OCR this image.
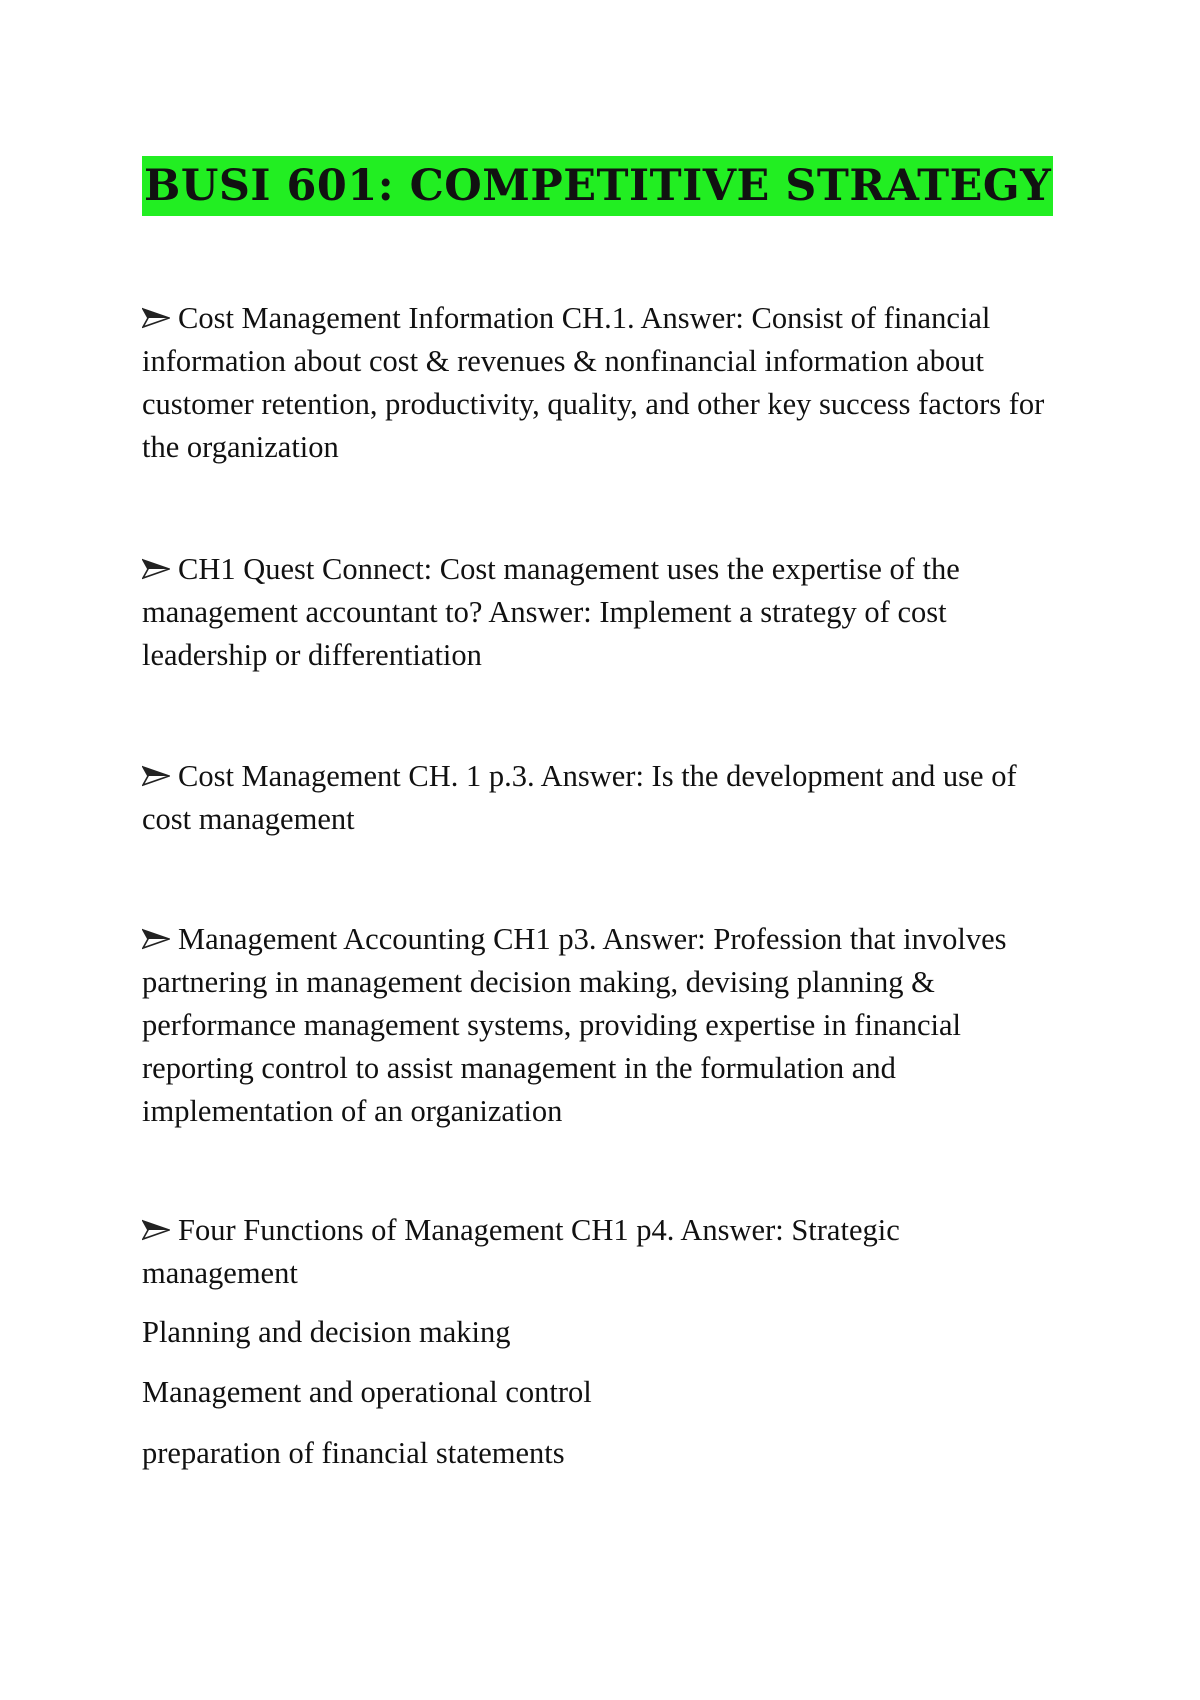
BUSI 601: COMPETITIVE STRATEGY
Cost Management Information CH.1. Answer: Consist of financial information about cost & revenues & nonfinancial information about customer retention, productivity, quality, and other key success factors for the organization
CH1 Quest Connect: Cost management uses the expertise of the management accountant to? Answer: Implement a strategy of cost leadership or differentiation
Cost Management CH. 1 p.3. Answer: Is the development and use of cost management
Management Accounting CH1 p3. Answer: Profession that involves partnering in management decision making, devising planning & performance management systems, providing expertise in financial reporting control to assist management in the formulation and implementation of an organization
Four Functions of Management CH1 p4. Answer: Strategic management
Planning and decision making
Management and operational control
preparation of financial statements
